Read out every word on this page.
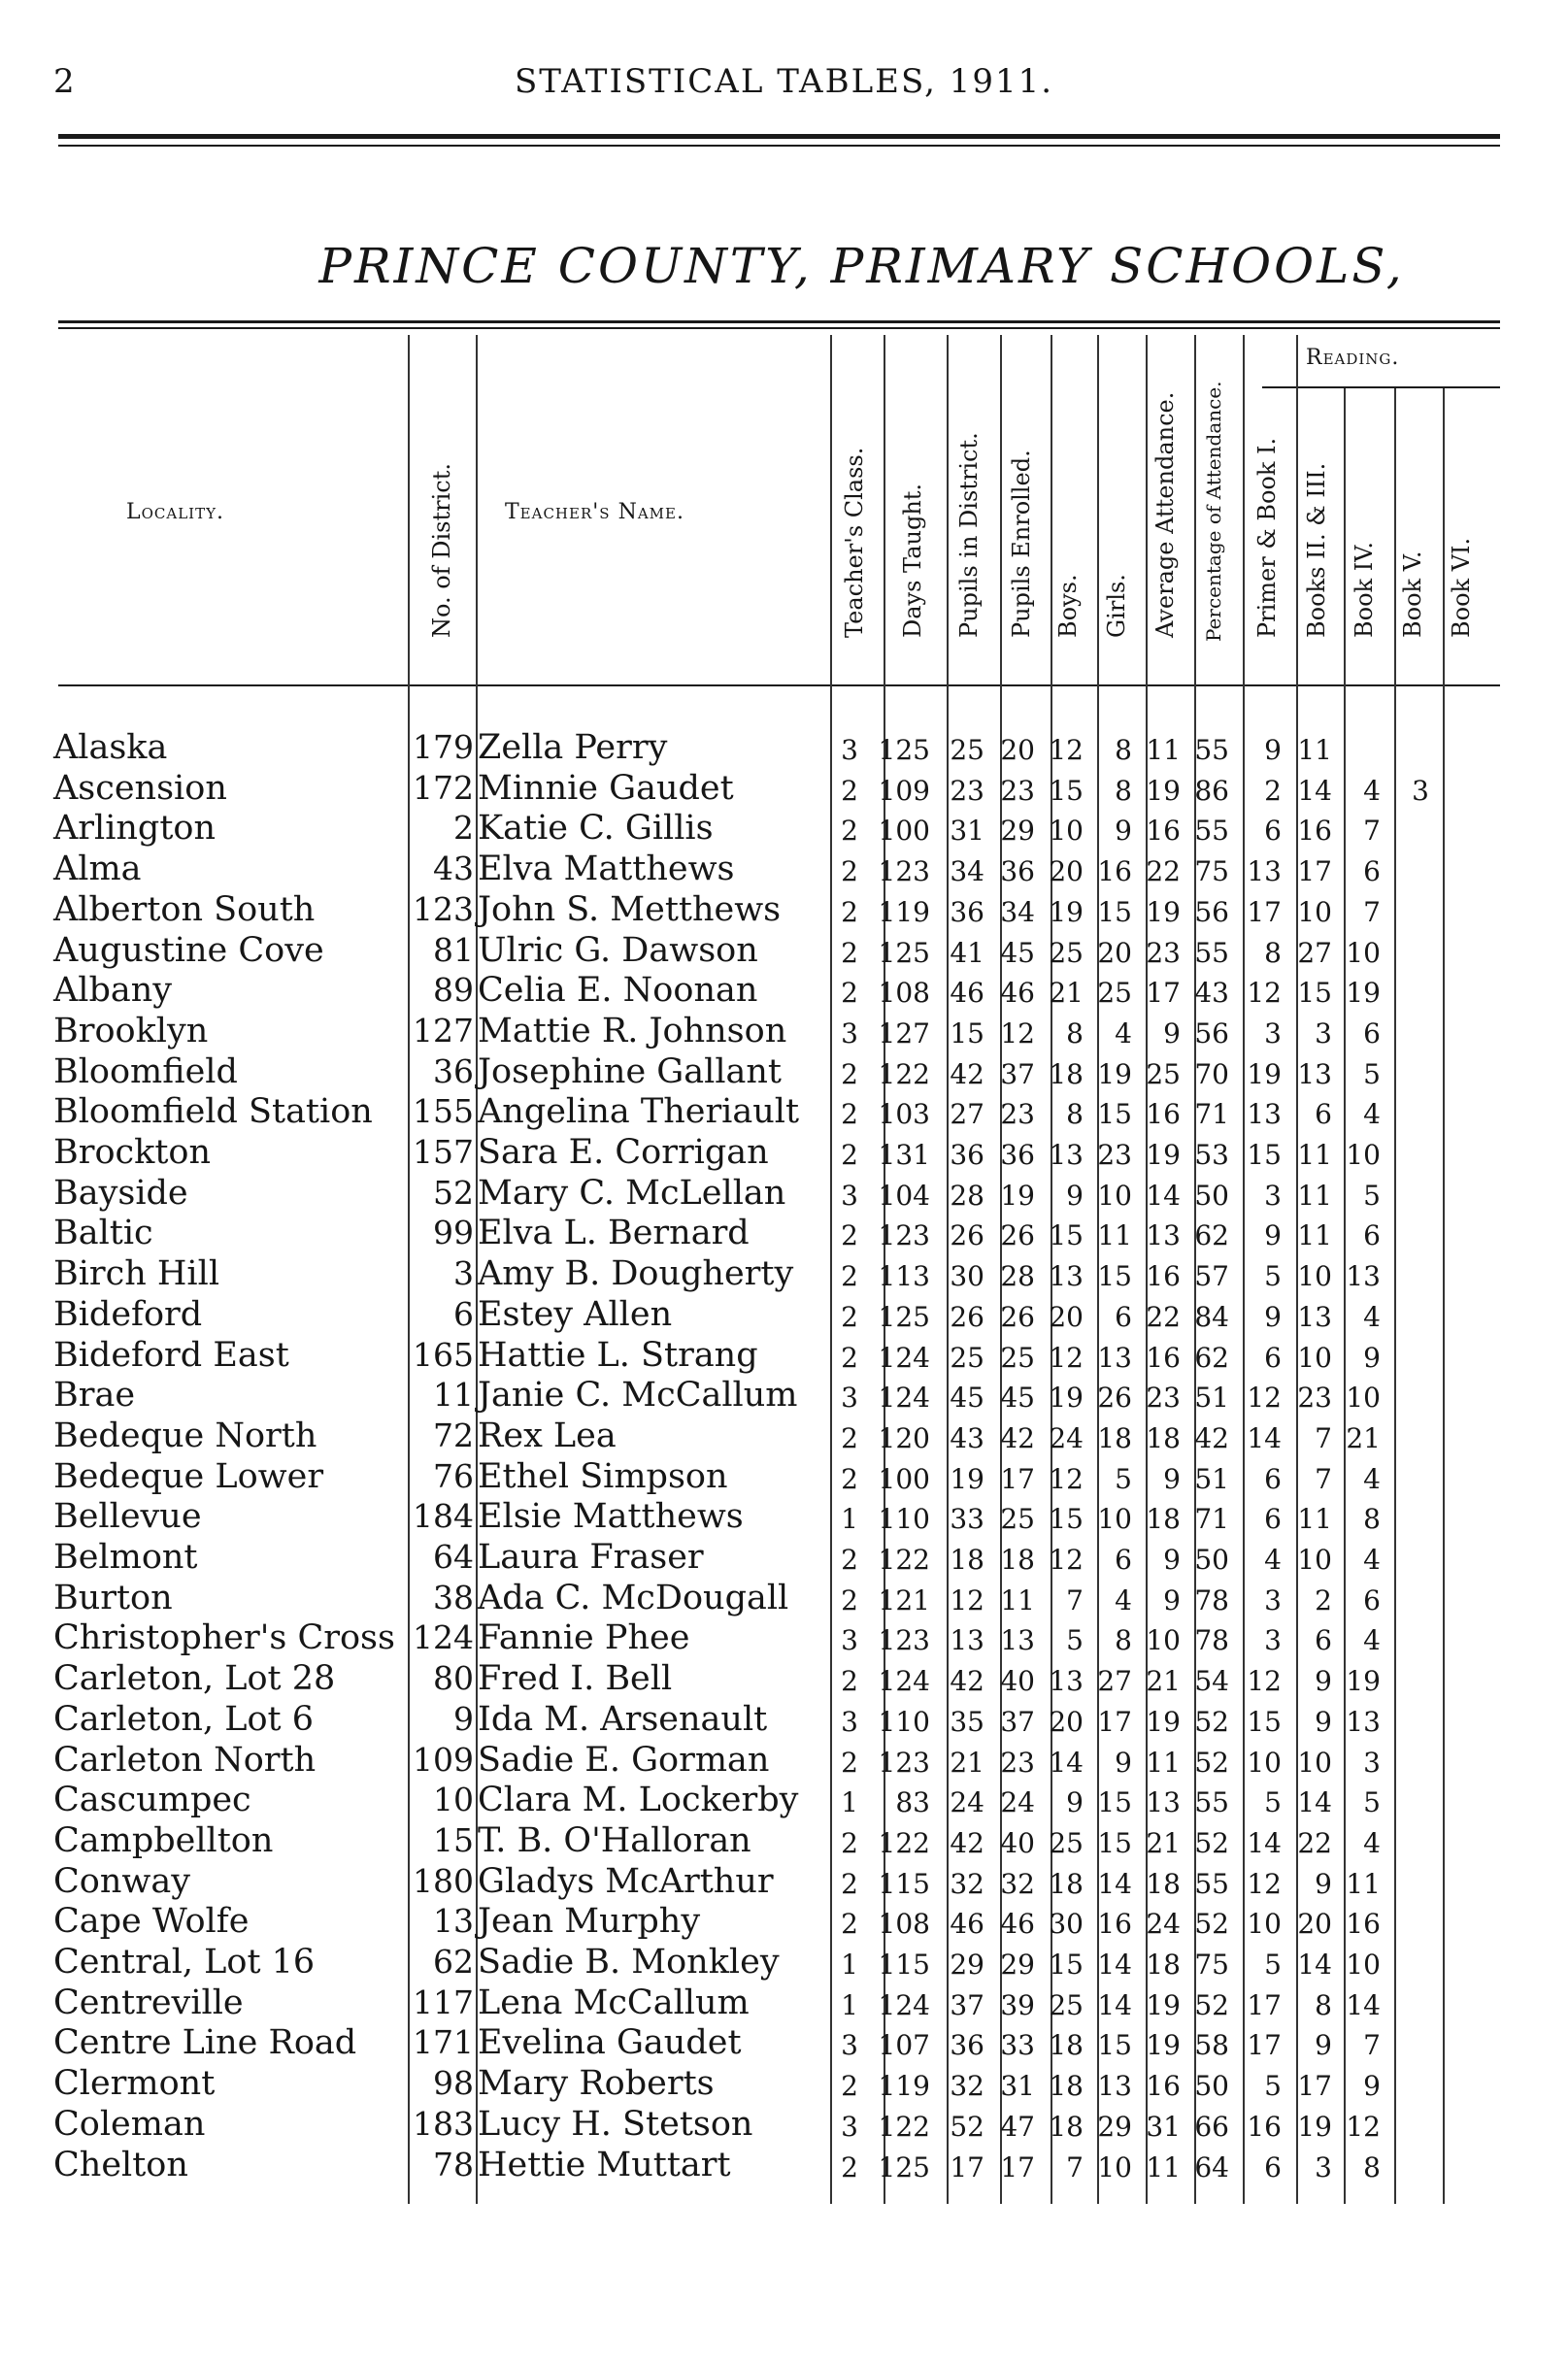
2	STATISTICAL TABLES, 1911.
PRINCE COUNTY, PRIMARY SCHOOLS,
Locality.	Teacher's Name.
Reading.
No. of District.	Teacher's Class. Days Taught. Pupils in District. Pupils Enrolled. Boys. Girls. Average Attendance. Percentage of Attendance. Primer & Book I. Books II. & III. Book IV. Book V. Book VI.
Alaska	179 Zella Perry	3 125 25 20 12	8 11 55	9 11
Ascension	172 Minnie Gaudet	2 109 23 23 15	8 19 86	2 14	4	3
Arlington	2 Katie C. Gillis	2 100 31 29 10	9 16 55	6 16	7
Alma	43 Elva Matthews	2 123 34 36 20 16 22 75 13 17	6
Alberton South	123 John S. Metthews	2 119 36 34 19 15 19 56 17 10	7
Augustine Cove	81 Ulric G. Dawson	2 125 41 45 25 20 23 55	8 27 10
Albany	89 Celia E. Noonan	2 108 46 46 21 25 17 43 12 15 19
Brooklyn	127 Mattie R. Johnson	3 127 15 12	8	4	9 56	3	3	6
Bloomfield	36 Josephine Gallant	2 122 42 37 18 19 25 70 19 13	5
Bloomfield Station	155 Angelina Theriault	2 103 27 23	8 15 16 71 13	6	4
Brockton	157 Sara E. Corrigan	2 131 36 36 13 23 19 53 15 11 10
Bayside	52 Mary C. McLellan	3 104 28 19	9 10 14 50	3 11	5
Baltic	99 Elva L. Bernard	2 123 26 26 15 11 13 62	9 11	6
Birch Hill	3 Amy B. Dougherty	2 113 30 28 13 15 16 57	5 10 13
Bideford	6 Estey Allen	2 125 26 26 20	6 22 84	9 13	4
Bideford East	165 Hattie L. Strang	2 124 25 25 12 13 16 62	6 10	9
Brae	11 Janie C. McCallum	3 124 45 45 19 26 23 51 12 23 10
Bedeque North	72 Rex Lea	2 120 43 42 24 18 18 42 14	7 21
Bedeque Lower	76 Ethel Simpson	2 100 19 17 12	5	9 51	6	7	4
Bellevue	184 Elsie Matthews	1 110 33 25 15 10 18 71	6 11	8
Belmont	64 Laura Fraser	2 122 18 18 12	6	9 50	4 10	4
Burton	38 Ada C. McDougall	2 121 12 11	7	4	9 78	3	2	6
Christopher's Cross 124 Fannie Phee	3 123 13 13	5	8 10 78	3	6	4
Carleton, Lot 28	80 Fred I. Bell	2 124 42 40 13 27 21 54 12	9 19
Carleton, Lot 6	9 Ida M. Arsenault	3 110 35 37 20 17 19 52 15	9 13
Carleton North	109 Sadie E. Gorman	2 123 21 23 14	9 11 52 10 10	3
Cascumpec	10 Clara M. Lockerby	1	83 24 24	9 15 13 55	5 14	5
Campbellton	15 T. B. O'Halloran	2 122 42 40 25 15 21 52 14 22	4
Conway	180 Gladys McArthur	2 115 32 32 18 14 18 55 12	9 11
Cape Wolfe	13 Jean Murphy	2 108 46 46 30 16 24 52 10 20 16
Central, Lot 16	62 Sadie B. Monkley	1 115 29 29 15 14 18 75	5 14 10
Centreville	117 Lena McCallum	1 124 37 39 25 14 19 52 17	8 14
Centre Line Road	171 Evelina Gaudet	3 107 36 33 18 15 19 58 17	9	7
Clermont	98 Mary Roberts	2 119 32 31 18 13 16 50	5 17	9
Coleman	183 Lucy H. Stetson	3 122 52 47 18 29 31 66 16 19 12
Chelton	78 Hettie Muttart	2 125 17 17	7 10 11 64	6	3	8
